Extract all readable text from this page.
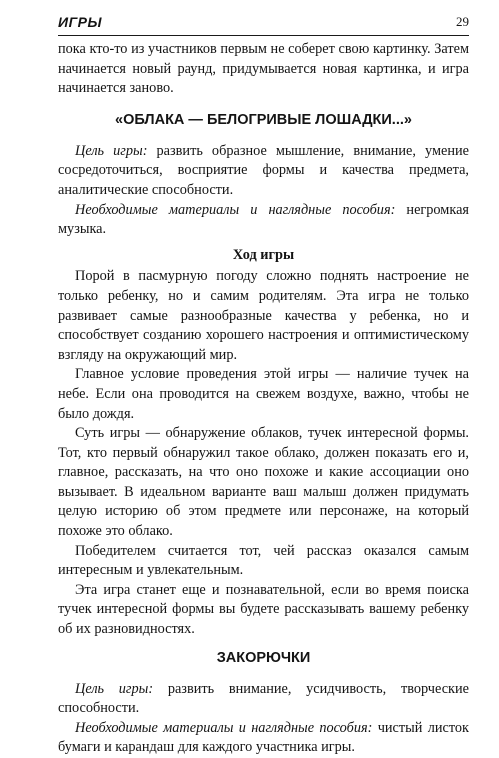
ИГРЫ	29

пока кто-то из участников первым не соберет свою картинку. Затем начинается новый раунд, придумывается новая картинка, и игра начинается заново.

«ОБЛАКА — БЕЛОГРИВЫЕ ЛОШАДКИ...»

Цель игры: развить образное мышление, внимание, умение сосредоточиться, восприятие формы и качества предмета, аналитические способности.

Необходимые материалы и наглядные пособия: негромкая музыка.

Ход игры

Порой в пасмурную погоду сложно поднять настроение не только ребенку, но и самим родителям. Эта игра не только развивает самые разнообразные качества у ребенка, но и способствует созданию хорошего настроения и оптимистическому взгляду на окружающий мир.

Главное условие проведения этой игры — наличие тучек на небе. Если она проводится на свежем воздухе, важно, чтобы не было дождя.

Суть игры — обнаружение облаков, тучек интересной формы. Тот, кто первый обнаружил такое облако, должен показать его и, главное, рассказать, на что оно похоже и какие ассоциации оно вызывает. В идеальном варианте ваш малыш должен придумать целую историю об этом предмете или персонаже, на который похоже это облако.

Победителем считается тот, чей рассказ оказался самым интересным и увлекательным.

Эта игра станет еще и познавательной, если во время поиска тучек интересной формы вы будете рассказывать вашему ребенку об их разновидностях.

ЗАКОРЮЧКИ

Цель игры: развить внимание, усидчивость, творческие способности.

Необходимые материалы и наглядные пособия: чистый листок бумаги и карандаш для каждого участника игры.
